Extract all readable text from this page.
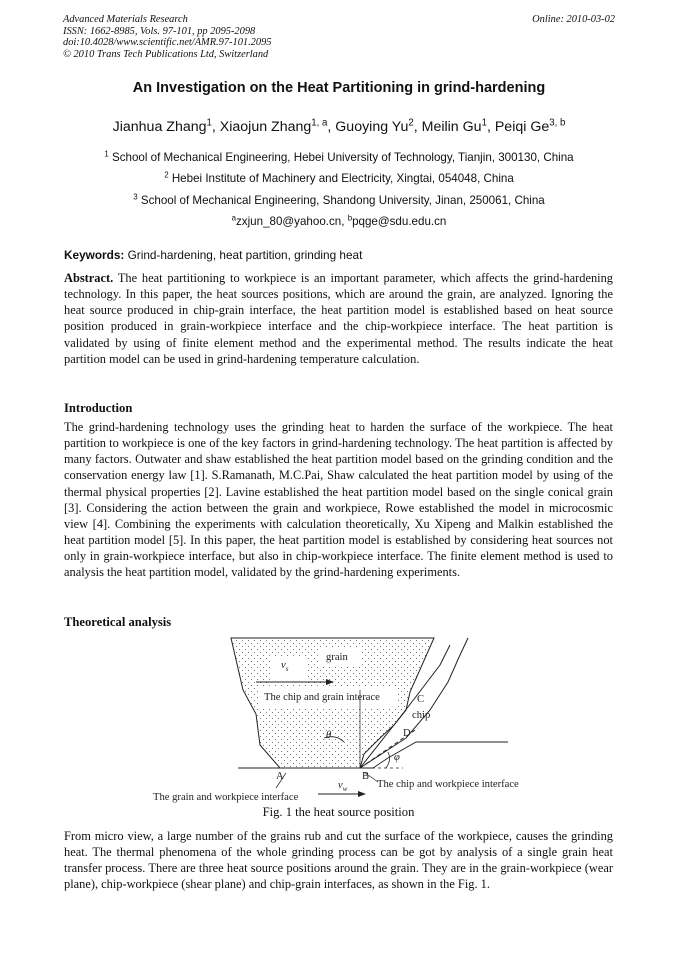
Advanced Materials Research
ISSN: 1662-8985, Vols. 97-101, pp 2095-2098
doi:10.4028/www.scientific.net/AMR.97-101.2095
© 2010 Trans Tech Publications Ltd, Switzerland
Online: 2010-03-02
An Investigation on the Heat Partitioning in grind-hardening
Jianhua Zhang$^1$, Xiaojun Zhang$^{1, a}$, Guoying Yu$^2$, Meilin Gu$^1$, Peiqi Ge$^{3, b}$
$^1$ School of Mechanical Engineering, Hebei University of Technology, Tianjin, 300130, China
$^2$ Hebei Institute of Machinery and Electricity, Xingtai, 054048, China
$^3$ School of Mechanical Engineering, Shandong University, Jinan, 250061, China
$^a$zxjun_80@yahoo.cn, $^b$pqge@sdu.edu.cn
Keywords: Grind-hardening, heat partition, grinding heat

Abstract. The heat partitioning to workpiece is an important parameter, which affects the grind-hardening technology. In this paper, the heat sources positions, which are around the grain, are analyzed. Ignoring the heat source produced in chip-grain interface, the heat partition model is established based on heat source position produced in grain-workpiece interface and the chip-workpiece interface. The heat partition is validated by using of finite element method and the experimental method. The results indicate the heat partition model can be used in grind-hardening temperature calculation.

Introduction

The grind-hardening technology uses the grinding heat to harden the surface of the workpiece. The heat partition to workpiece is one of the key factors in grind-hardening technology. The heat partition is affected by many factors. Outwater and shaw established the heat partition model based on the grinding condition and the conservation energy law [1]. S.Ramanath, M.C.Pai, Shaw calculated the heat partition model by using of the thermal physical properties [2]. Lavine established the heat partition model based on the single conical grain [3]. Considering the action between the grain and workpiece, Rowe established the model in microcosmic view [4]. Combining the experiments with calculation theoretically, Xu Xipeng and Malkin established the heat partition model [5]. In this paper, the heat partition model is established by considering heat sources not only in grain-workpiece interface, but also in chip-workpiece interface. The finite element method is used to analysis the heat partition model, validated by the grind-hardening experiments.

Theoretical analysis
$v_s$
grain
The chip and grain interace	C
chip
θ	D
φ
A	B
$v_w$	The chip and workpiece interface
The grain and workpiece interface
Fig. 1 the heat source position

From micro view, a large number of the grains rub and cut the surface of the workpiece, causes the grinding heat. The thermal phenomena of the whole grinding process can be got by analysis of a single grain heat transfer process. There are three heat source positions around the grain. They are in the grain-workpiece (wear plane), chip-workpiece (shear plane) and chip-grain interfaces, as shown in the Fig. 1.
